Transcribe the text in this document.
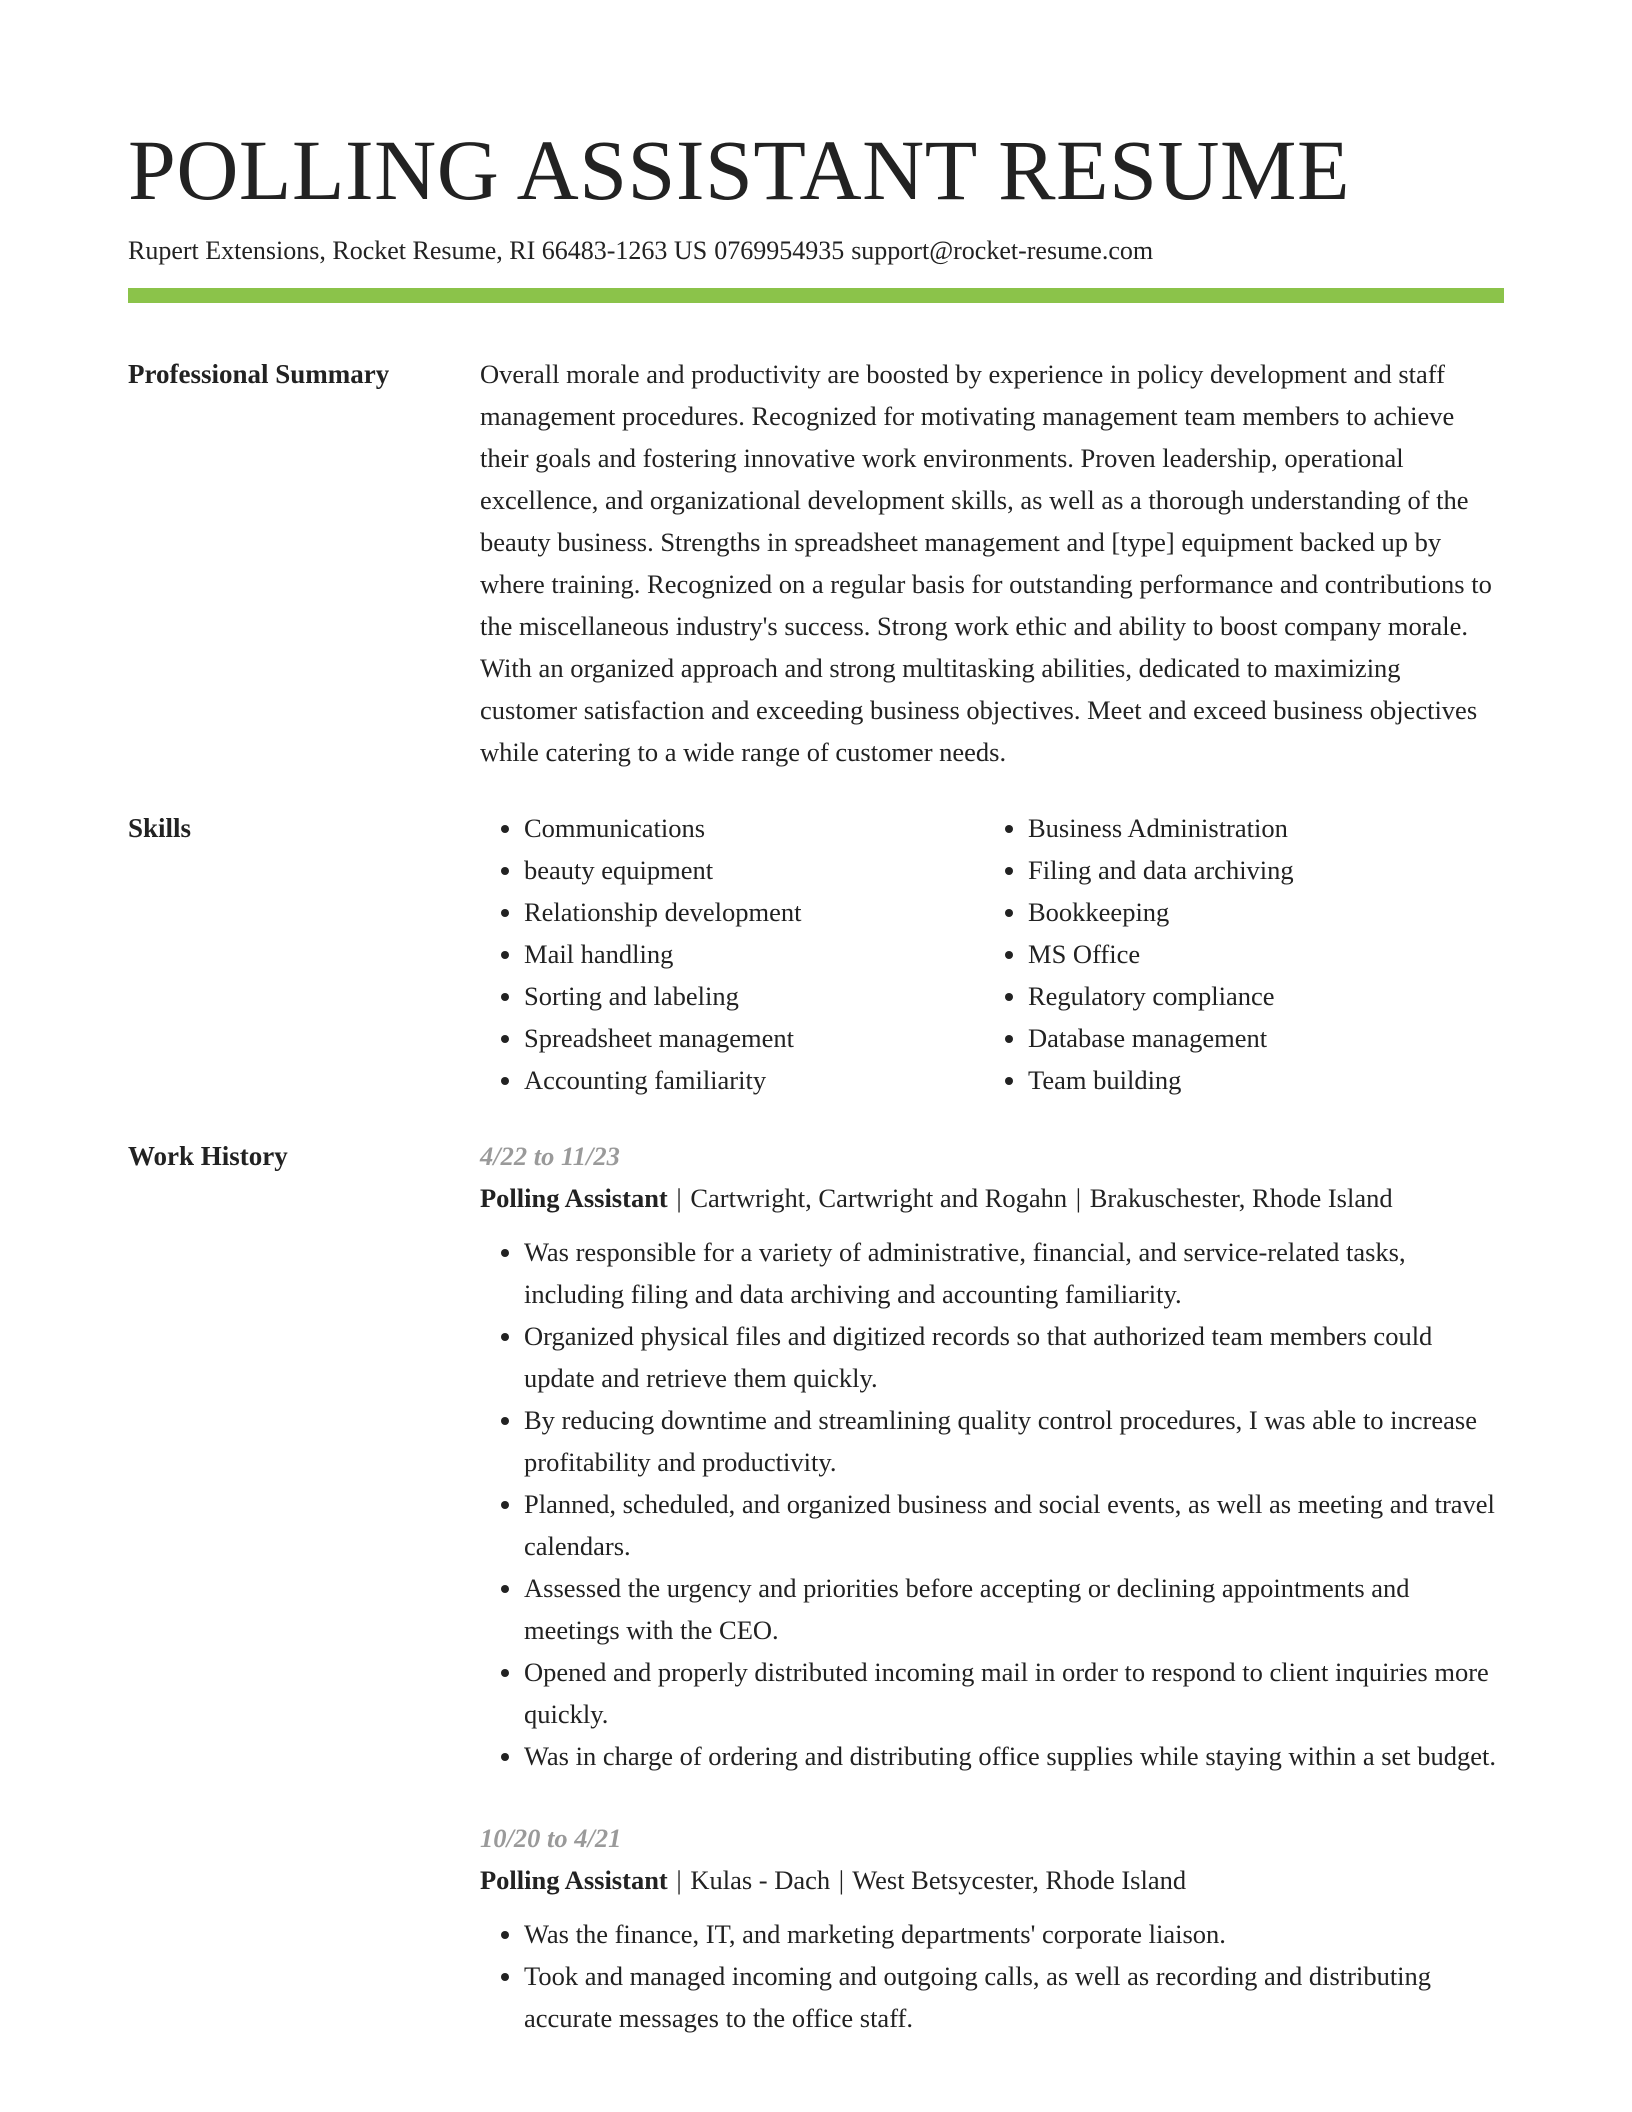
POLLING ASSISTANT RESUME
Rupert Extensions, Rocket Resume, RI 66483-1263 US 0769954935 support@rocket-resume.com
Professional Summary	Overall morale and productivity are boosted by experience in policy development and staff management procedures. Recognized for motivating management team members to achieve their goals and fostering innovative work environments. Proven leadership, operational excellence, and organizational development skills, as well as a thorough understanding of the beauty business. Strengths in spreadsheet management and [type] equipment backed up by where training. Recognized on a regular basis for outstanding performance and contributions to the miscellaneous industry's success. Strong work ethic and ability to boost company morale. With an organized approach and strong multitasking abilities, dedicated to maximizing customer satisfaction and exceeding business objectives. Meet and exceed business objectives while catering to a wide range of customer needs.

Skills
•	Communications
• beauty equipment
• Relationship development
• Mail handling
• Sorting and labeling
• Spreadsheet management
• Accounting familiarity
• Business Administration
• Filing and data archiving
• Bookkeeping
• MS Office
• Regulatory compliance
• Database management
• Team building
Work History	4/22 to 11/23
Polling Assistant | Cartwright, Cartwright and Rogahn | Brakuschester, Rhode Island
• Was responsible for a variety of administrative, financial, and service-related tasks, including filing and data archiving and accounting familiarity.
• Organized physical files and digitized records so that authorized team members could update and retrieve them quickly.
• By reducing downtime and streamlining quality control procedures, I was able to increase profitability and productivity.
• Planned, scheduled, and organized business and social events, as well as meeting and travel calendars.
• Assessed the urgency and priorities before accepting or declining appointments and meetings with the CEO.
• Opened and properly distributed incoming mail in order to respond to client inquiries more quickly.
• Was in charge of ordering and distributing office supplies while staying within a set budget.
10/20 to 4/21
Polling Assistant | Kulas - Dach | West Betsycester, Rhode Island
• Was the finance, IT, and marketing departments' corporate liaison.
• Took and managed incoming and outgoing calls, as well as recording and distributing accurate messages to the office staff.
